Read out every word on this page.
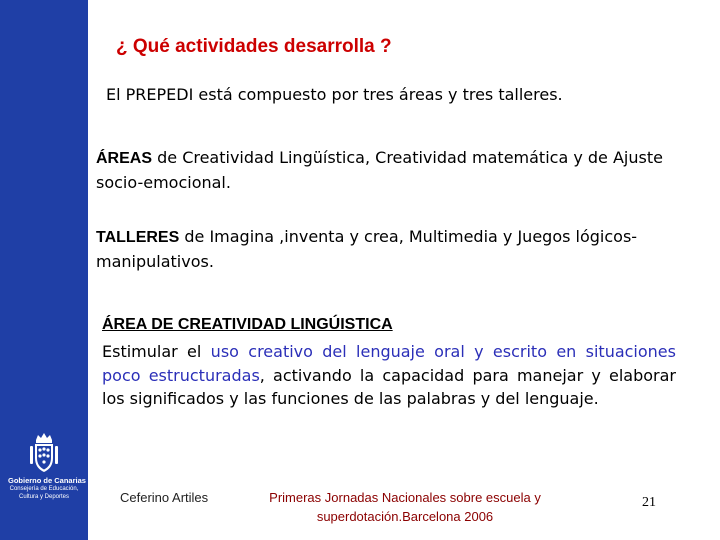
Gobierno de Canarias
Consejería de Educación,
Cultura y Deportes
¿ Qué actividades desarrolla ?
El PREPEDI está compuesto por tres áreas y tres talleres.
ÁREAS de Creatividad Lingüística, Creatividad matemática y de Ajuste socio-emocional.
TALLERES de Imagina ,inventa y crea, Multimedia y Juegos lógicos-manipulativos.
ÁREA DE CREATIVIDAD LINGÚISTICA
Estimular el uso creativo del lenguaje oral y escrito en situaciones poco estructuradas, activando la capacidad para manejar y elaborar los significados y las funciones de las palabras y del lenguaje.
Ceferino Artiles	Primeras Jornadas Nacionales sobre escuela y superdotación.Barcelona 2006
21
